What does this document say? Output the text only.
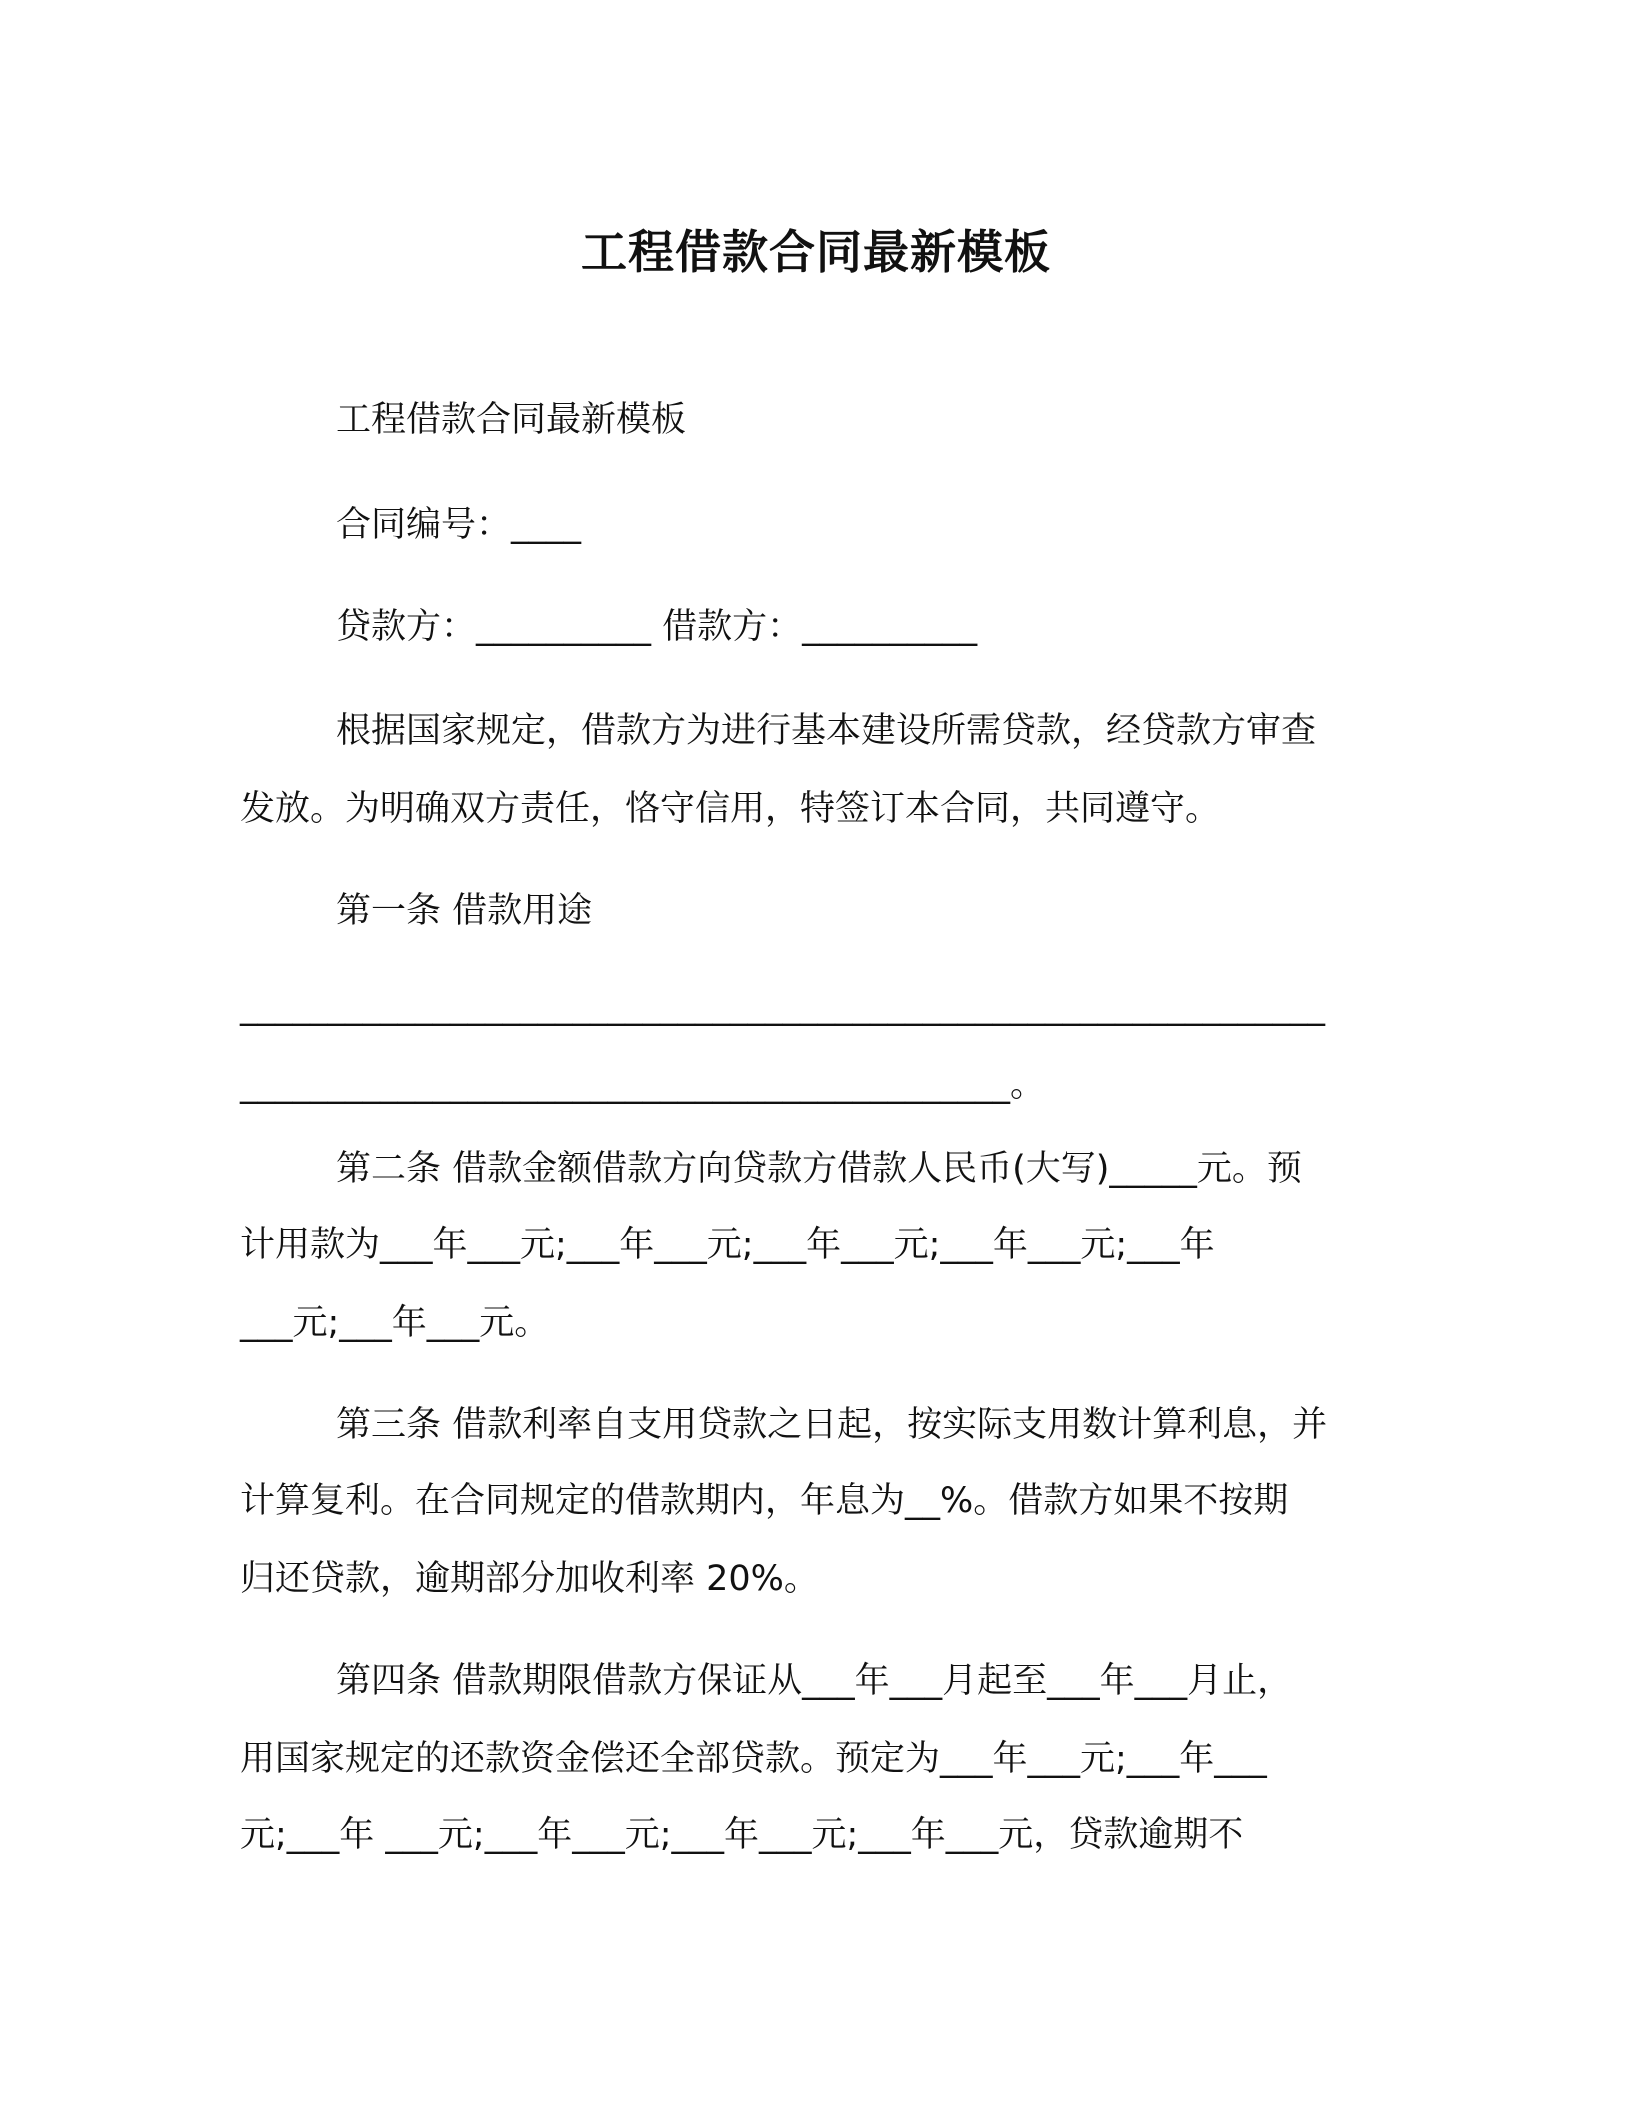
工程借款合同最新模板
工程借款合同最新模板
合同编号：____
贷款方：__________ 借款方：__________
根据国家规定，借款方为进行基本建设所需贷款，经贷款方审查
发放。为明确双方责任，恪守信用，特签订本合同，共同遵守。
第一条 借款用途
______________________________________________________________
____________________________________________。
第二条 借款金额借款方向贷款方借款人民币(大写)_____元。预
计用款为___年___元;___年___元;___年___元;___年___元;___年
___元;___年___元。
第三条 借款利率自支用贷款之日起，按实际支用数计算利息，并
计算复利。在合同规定的借款期内，年息为__%。借款方如果不按期
归还贷款，逾期部分加收利率 20%。
第四条 借款期限借款方保证从___年___月起至___年___月止，
用国家规定的还款资金偿还全部贷款。预定为___年___元;___年___
元;___年 ___元;___年___元;___年___元;___年___元，贷款逾期不
